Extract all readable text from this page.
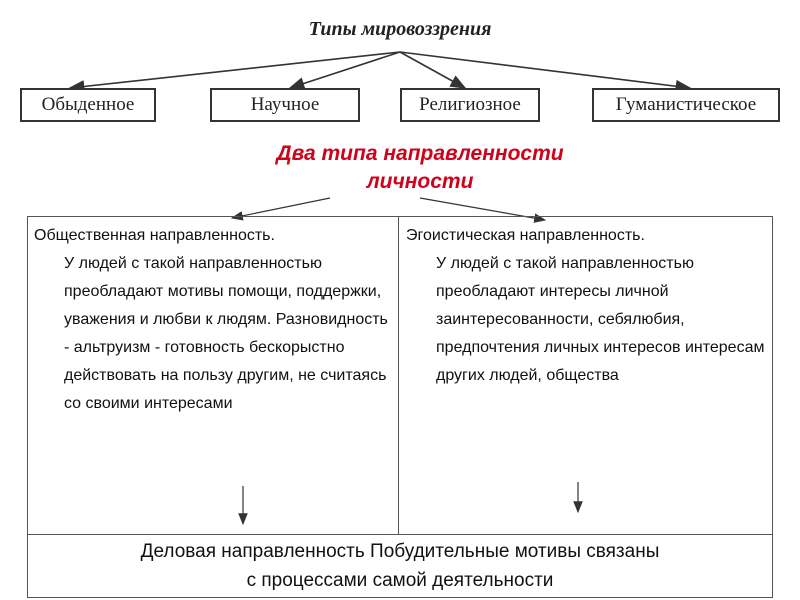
Типы мировоззрения
Обыденное	Научное	Религиозное	Гуманистическое
Два типа направленности
личности
Общественная направленность.
У людей с такой направленностью преобладают мотивы помощи, поддержки, уважения и любви к людям. Разновидность - альтруизм - готовность бескорыстно действовать на пользу другим, не считаясь со своими интересами
Эгоистическая направленность.
У людей с такой направленностью преобладают интересы личной заинтересованности, себялюбия, предпочтения личных интересов интересам других людей, общества
Деловая направленность Побудительные мотивы связаны
с процессами самой деятельности
